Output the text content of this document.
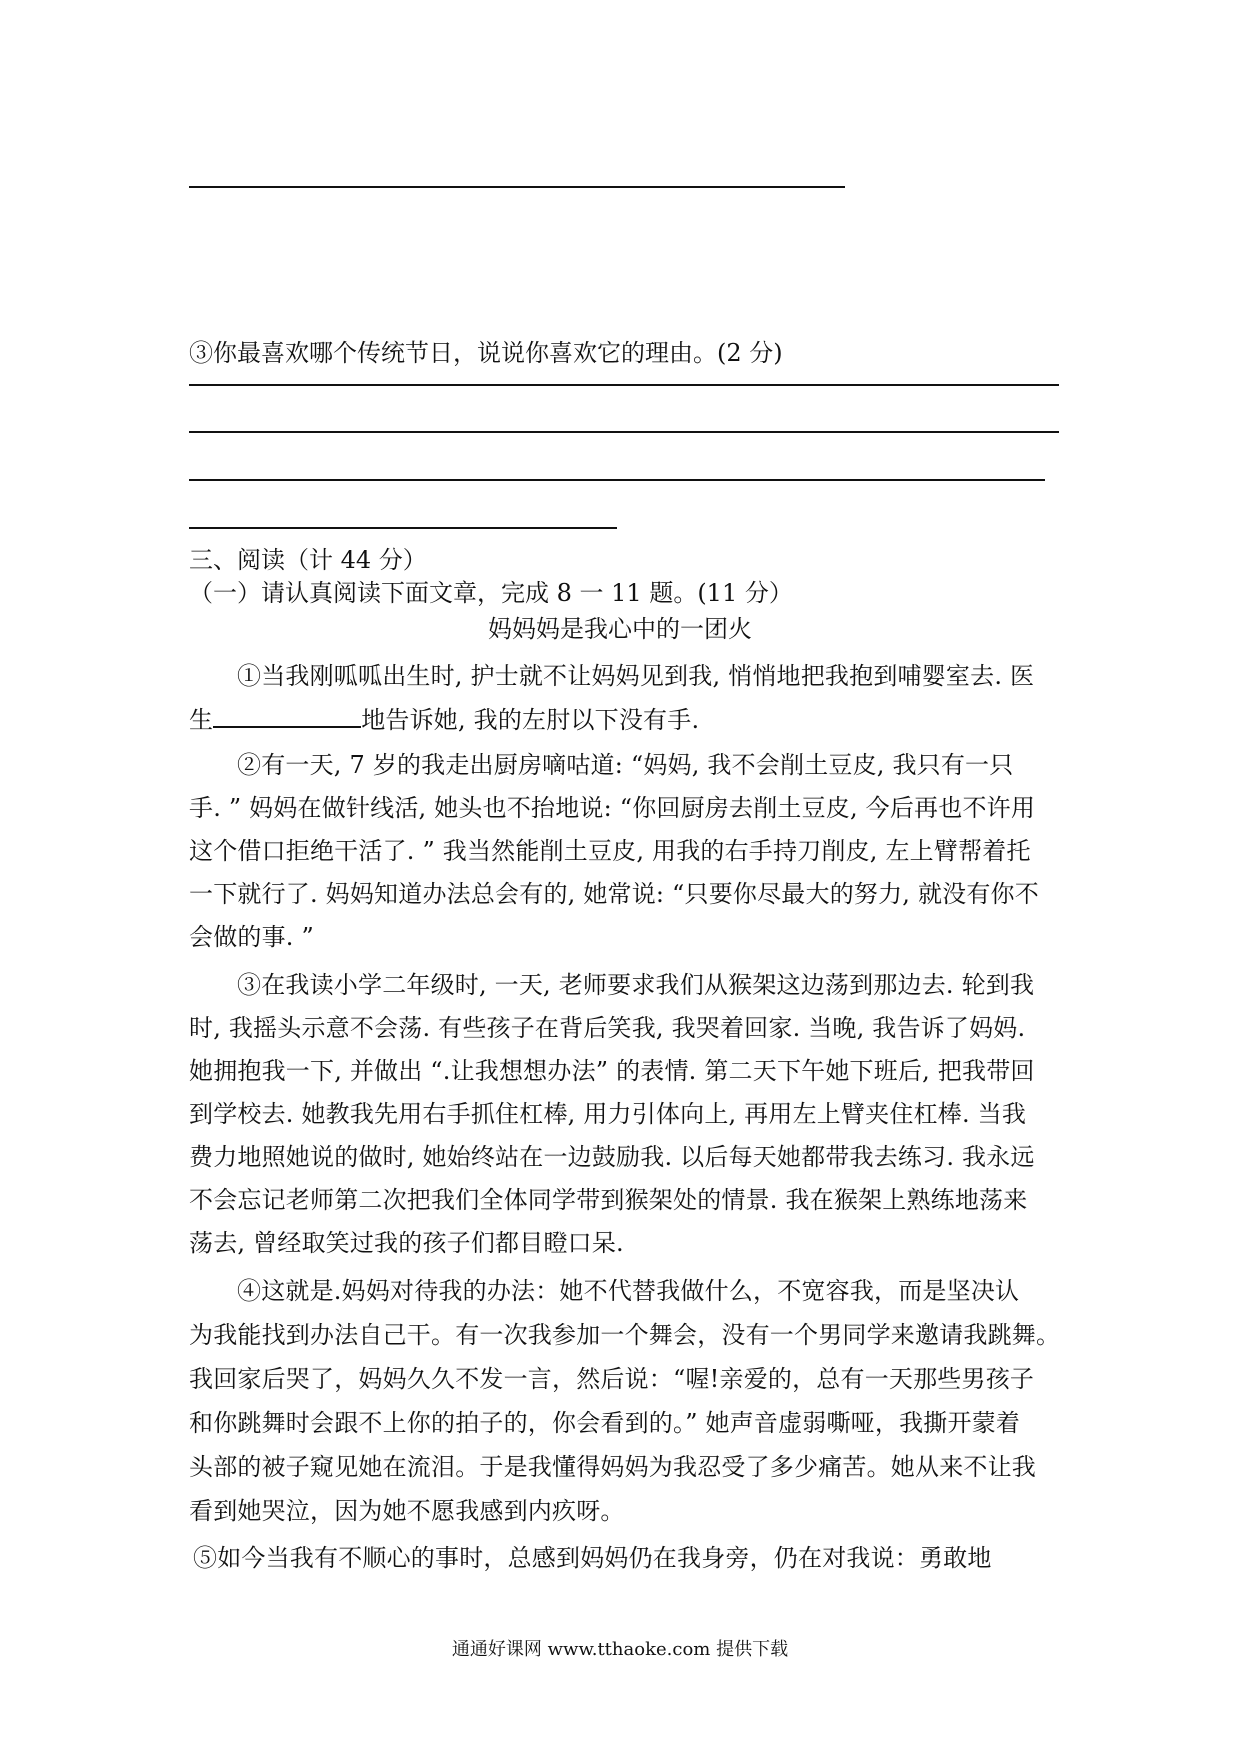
③你最喜欢哪个传统节日，说说你喜欢它的理由。(2 分)
三、阅读（计 44 分）
（一）请认真阅读下面文章，完成 8 一 11 题。(11 分）
妈妈妈是我心中的一团火
①当我刚呱呱出生时, 护士就不让妈妈见到我, 悄悄地把我抱到哺婴室去. 医
生	地告诉她, 我的左肘以下没有手.
②有一天, 7 岁的我走出厨房嘀咕道: “妈妈, 我不会削土豆皮, 我只有一只
手. ” 妈妈在做针线活, 她头也不抬地说: “你回厨房去削土豆皮, 今后再也不许用
这个借口拒绝干活了. ” 我当然能削土豆皮, 用我的右手持刀削皮, 左上臂帮着托
一下就行了. 妈妈知道办法总会有的, 她常说: “只要你尽最大的努力, 就没有你不
会做的事. ”
③在我读小学二年级时, 一天, 老师要求我们从猴架这边荡到那边去. 轮到我
时, 我摇头示意不会荡. 有些孩子在背后笑我, 我哭着回家. 当晚, 我告诉了妈妈.
她拥抱我一下, 并做出 “.让我想想办法” 的表情. 第二天下午她下班后, 把我带回
到学校去. 她教我先用右手抓住杠棒, 用力引体向上, 再用左上臂夹住杠棒. 当我
费力地照她说的做时, 她始终站在一边鼓励我. 以后每天她都带我去练习. 我永远
不会忘记老师第二次把我们全体同学带到猴架处的情景. 我在猴架上熟练地荡来
荡去, 曾经取笑过我的孩子们都目瞪口呆.
④这就是.妈妈对待我的办法：她不代替我做什么，不宽容我，而是坚决认
为我能找到办法自己干。有一次我参加一个舞会，没有一个男同学来邀请我跳舞。
我回家后哭了，妈妈久久不发一言，然后说：“喔!亲爱的，总有一天那些男孩子
和你跳舞时会跟不上你的拍子的，你会看到的。” 她声音虚弱嘶哑，我撕开蒙着
头部的被子窥见她在流泪。于是我懂得妈妈为我忍受了多少痛苦。她从来不让我
看到她哭泣，因为她不愿我感到内疚呀。
⑤如今当我有不顺心的事时，总感到妈妈仍在我身旁，仍在对我说：勇敢地
通通好课网 www.tthaoke.com 提供下载
